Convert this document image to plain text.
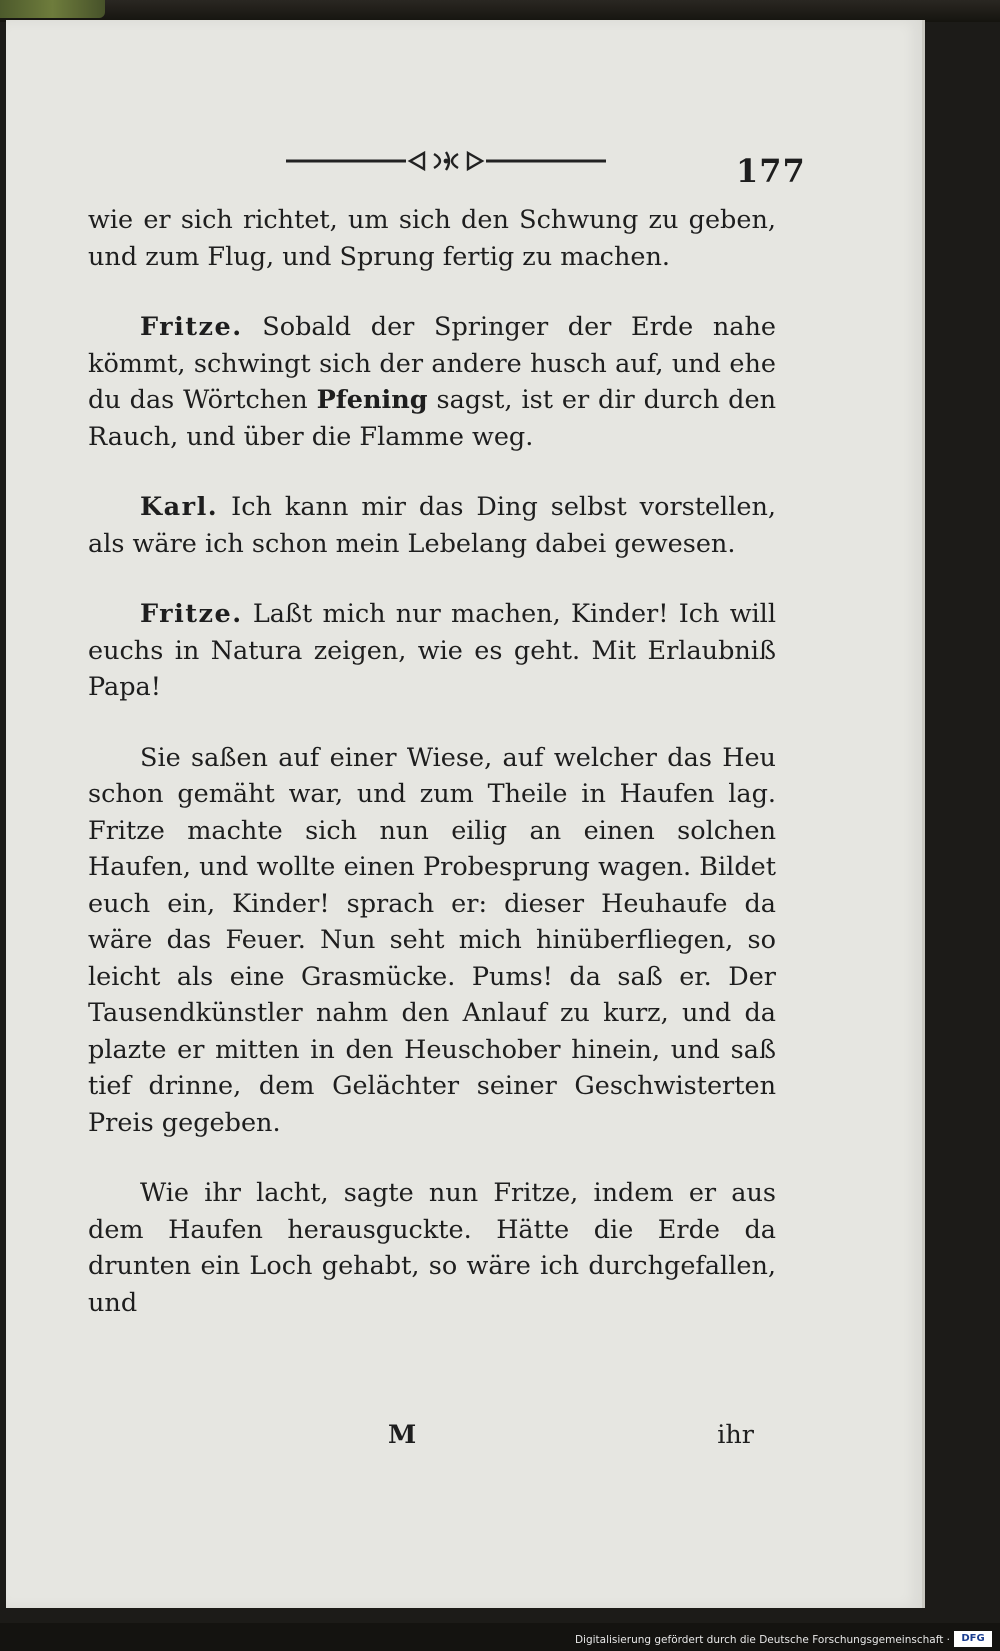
177

wie er sich richtet, um sich den Schwung zu geben, und zum Flug, und Sprung fertig zu machen.

Fritze. Sobald der Springer der Erde nahe kömmt, schwingt sich der andere husch auf, und ehe du das Wörtchen Pfening sagst, ist er dir durch den Rauch, und über die Flamme weg.

Karl. Ich kann mir das Ding selbst vorstellen, als wäre ich schon mein Lebelang dabei gewesen.

Fritze. Laßt mich nur machen, Kinder! Ich will euchs in Natura zeigen, wie es geht. Mit Erlaubniß Papa!

Sie saßen auf einer Wiese, auf welcher das Heu schon gemäht war, und zum Theile in Haufen lag. Fritze machte sich nun eilig an einen solchen Haufen, und wollte einen Probesprung wagen. Bildet euch ein, Kinder! sprach er: dieser Heuhaufe da wäre das Feuer. Nun seht mich hinüberfliegen, so leicht als eine Grasmücke. Pums! da saß er. Der Tausendkünstler nahm den Anlauf zu kurz, und da plazte er mitten in den Heuschober hinein, und saß tief drinne, dem Gelächter seiner Geschwisterten Preis gegeben.

Wie ihr lacht, sagte nun Fritze, indem er aus dem Haufen herausguckte. Hätte die Erde da drunten ein Loch gehabt, so wäre ich durchgefallen, und

M	ihr
Digitalisierung gefördert durch die Deutsche Forschungsgemeinschaft ·	DFG
